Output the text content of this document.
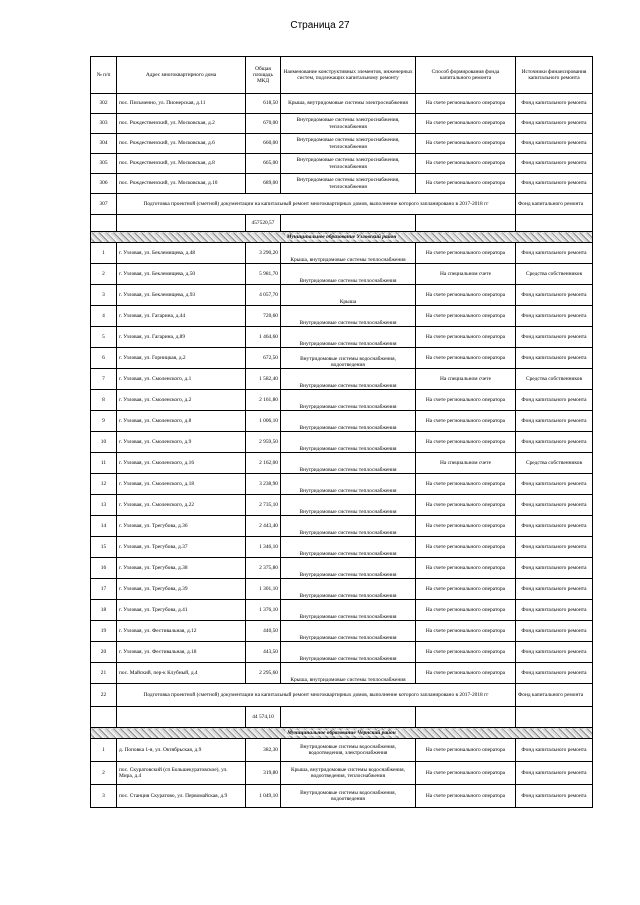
Страница 27
№ п/п	Адрес многоквартирного дома	Общая площадь МКД	Наименование конструктивных элементов, инженерных систем, подлежащих капитальному ремонту	Способ формирования фонда капитального ремонта	Источники финансирования капитального ремонта
302	пос. Письменно, ул. Пионерская, д.11	618,50	Крыша, внутридомовые системы электроснабжения	На счете регионального оператора	Фонд капитального ремонта
303	пос. Рождественский, ул. Московская, д.2	670,00	Внутридомовые системы электроснабжения, теплоснабжения	На счете регионального оператора	Фонд капитального ремонта
304	пос. Рождественский, ул. Московская, д.6	660,00	Внутридомовые системы электроснабжения, теплоснабжения	На счете регионального оператора	Фонд капитального ремонта
305	пос. Рождественский, ул. Московская, д.8	665,00	Внутридомовые системы электроснабжения, теплоснабжения	На счете регионального оператора	Фонд капитального ремонта
306	пос. Рождественский, ул. Московская, д.10	689,00	Внутридомовые системы электроснабжения, теплоснабжения	На счете регионального оператора	Фонд капитального ремонта
307	Подготовка проектной (сметной) документации на капитальный ремонт многоквартирных домов, выполнение которого запланировано в 2017-2018 гг				Фонд капитального ремонта
		457520,57			
Муниципальное образование Узловский район					
1	г. Узловая, ул. Беклемищева, д.48	3 290,20	Крыша, внутридомовые системы теплоснабжения	На счете регионального оператора	Фонд капитального ремонта
2	г. Узловая, ул. Беклемищева, д.50	5 981,70	Внутридомовые системы теплоснабжения	На специальном счете	Средства собственников
3	г. Узловая, ул. Беклемищева, д.93	4 057,70	Крыша	На счете регионального оператора	Фонд капитального ремонта
4	г. Узловая, ул. Гагарина, д.44	720,60	Внутридомовые системы теплоснабжения	На счете регионального оператора	Фонд капитального ремонта
5	г. Узловая, ул. Гагарина, д.89	1 464,60	Внутридомовые системы теплоснабжения	На счете регионального оператора	Фонд капитального ремонта
6	г. Узловая, ул. Горницкая, д.2	672,50	Внутридомовые системы водоснабжения, водоотведения	На счете регионального оператора	Фонд капитального ремонта
7	г. Узловая, ул. Смоленского, д.1	1 582,40	Внутридомовые системы теплоснабжения	На специальном счете	Средства собственников
8	г. Узловая, ул. Смоленского, д.2	2 161,80	Внутридомовые системы теплоснабжения	На счете регионального оператора	Фонд капитального ремонта
9	г. Узловая, ул. Смоленского, д.8	1 006,10	Внутридомовые системы теплоснабжения	На счете регионального оператора	Фонд капитального ремонта
10	г. Узловая, ул. Смоленского, д.9	2 959,50	Внутридомовые системы теплоснабжения	На счете регионального оператора	Фонд капитального ремонта
11	г. Узловая, ул. Смоленского, д.16	2 162,00	Внутридомовые системы теплоснабжения	На специальном счете	Средства собственников
12	г. Узловая, ул. Смоленского, д.18	3 238,90	Внутридомовые системы теплоснабжения	На счете регионального оператора	Фонд капитального ремонта
13	г. Узловая, ул. Смоленского, д.22	2 735,10	Внутридомовые системы теплоснабжения	На счете регионального оператора	Фонд капитального ремонта
14	г. Узловая, ул. Трегубова, д.36	2 443,40	Внутридомовые системы теплоснабжения	На счете регионального оператора	Фонд капитального ремонта
15	г. Узловая, ул. Трегубова, д.37	1 346,10	Внутридомовые системы теплоснабжения	На счете регионального оператора	Фонд капитального ремонта
16	г. Узловая, ул. Трегубова, д.38	2 375,80	Внутридомовые системы теплоснабжения	На счете регионального оператора	Фонд капитального ремонта
17	г. Узловая, ул. Трегубова, д.39	1 301,10	Внутридомовые системы теплоснабжения	На счете регионального оператора	Фонд капитального ремонта
18	г. Узловая, ул. Трегубова, д.41	1 376,10	Внутридомовые системы теплоснабжения	На счете регионального оператора	Фонд капитального ремонта
19	г. Узловая, ул. Фестивальная, д.12	440,50	Внутридомовые системы теплоснабжения	На счете регионального оператора	Фонд капитального ремонта
20	г. Узловая, ул. Фестивальная, д.18	443,50	Внутридомовые системы теплоснабжения	На счете регионального оператора	Фонд капитального ремонта
21	пос. Майский, пер-к Клубный, д.4	2 295,60	Крыша, внутридомовые системы теплоснабжения	На счете регионального оператора	Фонд капитального ремонта
22	Подготовка проектной (сметной) документации на капитальный ремонт многоквартирных домов, выполнение которого запланировано в 2017-2018 гг				Фонд капитального ремонта
		44 574,10			
Муниципальное образование Чернский район					
1	д. Поповка 1-я, ул. Октябрьская, д.9	382,30	Внутридомовые системы водоснабжения, водоотведения, электроснабжения	На счете регионального оператора	Фонд капитального ремонта
2	пос. Скуратовский (сп Большекуратовское), ул. Мира, д.4	319,80	Крыша, внутридомовые системы водоснабжения, водоотведения, теплоснабжения	На счете регионального оператора	Фонд капитального ремонта
3	пос. Станция Скуратово, ул. Первомайская, д.9	1 049,10	Внутридомовые системы водоснабжения, водоотведения	На счете регионального оператора	Фонд капитального ремонта
